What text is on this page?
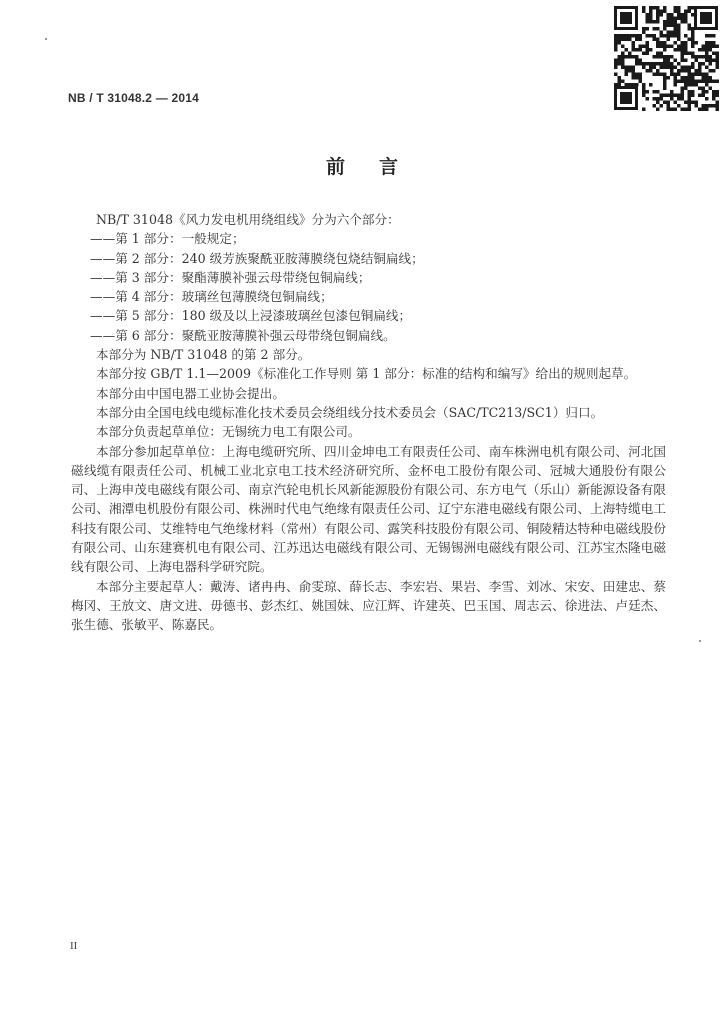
NB / T 31048.2 — 2014
前言

NB/T 31048《风力发电机用绕组线》分为六个部分：

——第 1 部分：一般规定；

——第 2 部分：240 级芳族聚酰亚胺薄膜绕包烧结铜扁线；

——第 3 部分：聚酯薄膜补强云母带绕包铜扁线；

——第 4 部分：玻璃丝包薄膜绕包铜扁线；

——第 5 部分：180 级及以上浸漆玻璃丝包漆包铜扁线；

——第 6 部分：聚酰亚胺薄膜补强云母带绕包铜扁线。

本部分为 NB/T 31048 的第 2 部分。

本部分按 GB/T 1.1—2009《标准化工作导则 第 1 部分：标准的结构和编写》给出的规则起草。

本部分由中国电器工业协会提出。

本部分由全国电线电缆标准化技术委员会绕组线分技术委员会（SAC/TC213/SC1）归口。

本部分负责起草单位：无锡统力电工有限公司。

本部分参加起草单位：上海电缆研究所、四川金坤电工有限责任公司、南车株洲电机有限公司、河北国磁线缆有限责任公司、机械工业北京电工技术经济研究所、金杯电工股份有限公司、冠城大通股份有限公司、上海申茂电磁线有限公司、南京汽轮电机长风新能源股份有限公司、东方电气（乐山）新能源设备有限公司、湘潭电机股份有限公司、株洲时代电气绝缘有限责任公司、辽宁东港电磁线有限公司、上海特缆电工科技有限公司、艾维特电气绝缘材料（常州）有限公司、露笑科技股份有限公司、铜陵精达特种电磁线股份有限公司、山东建赛机电有限公司、江苏迅达电磁线有限公司、无锡锡洲电磁线有限公司、江苏宝杰隆电磁线有限公司、上海电器科学研究院。

本部分主要起草人：戴涛、诸冉冉、俞雯琼、薛长志、李宏岩、果岩、李雪、刘冰、宋安、田建忠、蔡梅冈、王放文、唐文进、毋德书、彭杰红、姚国妹、应江辉、许建英、巴玉国、周志云、徐进法、卢廷杰、张生德、张敏平、陈嘉民。

II
